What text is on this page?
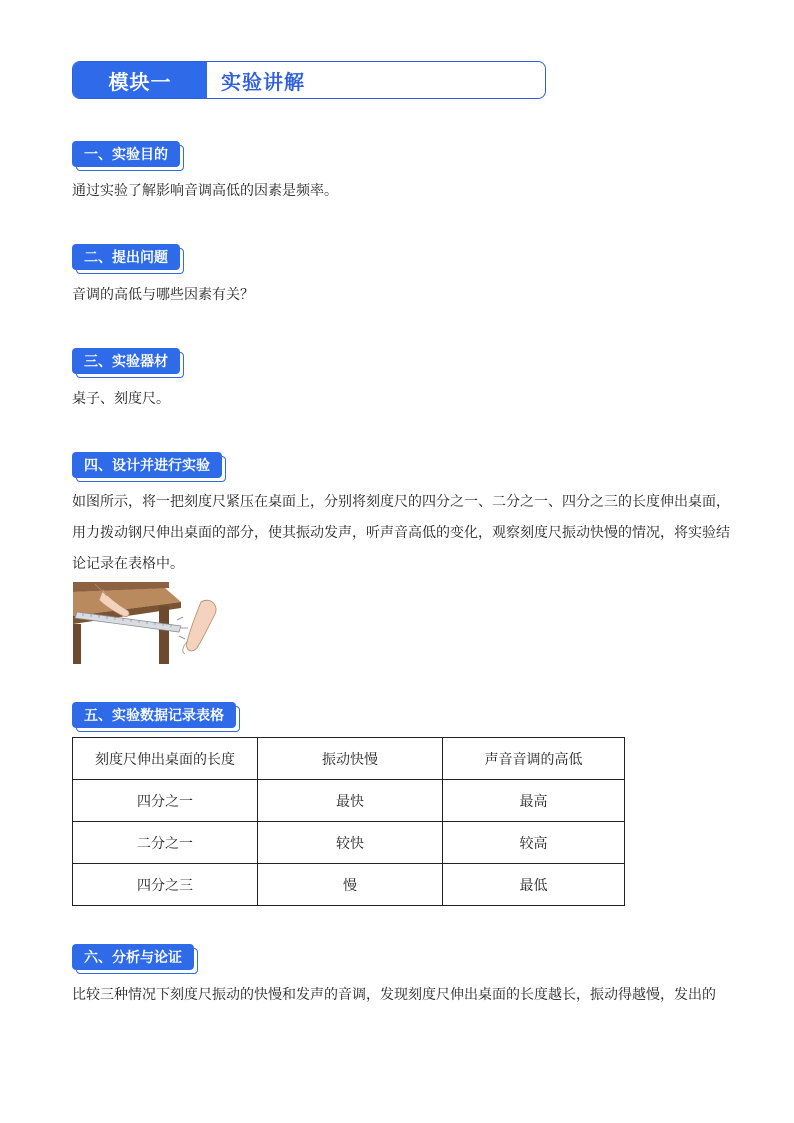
模块一	实验讲解
一、实验目的
通过实验了解影响音调高低的因素是频率。
二、提出问题
音调的高低与哪些因素有关？
三、实验器材
桌子、刻度尺。
四、设计并进行实验
如图所示，将一把刻度尺紧压在桌面上，分别将刻度尺的四分之一、二分之一、四分之三的长度伸出桌面，用力拨动钢尺伸出桌面的部分，使其振动发声，听声音高低的变化，观察刻度尺振动快慢的情况，将实验结论记录在表格中。
五、实验数据记录表格
刻度尺伸出桌面的长度	振动快慢	声音音调的高低
四分之一	最快	最高
二分之一	较快	较高
四分之三	慢	最低
六、分析与论证
比较三种情况下刻度尺振动的快慢和发声的音调，发现刻度尺伸出桌面的长度越长，振动得越慢，发出的
